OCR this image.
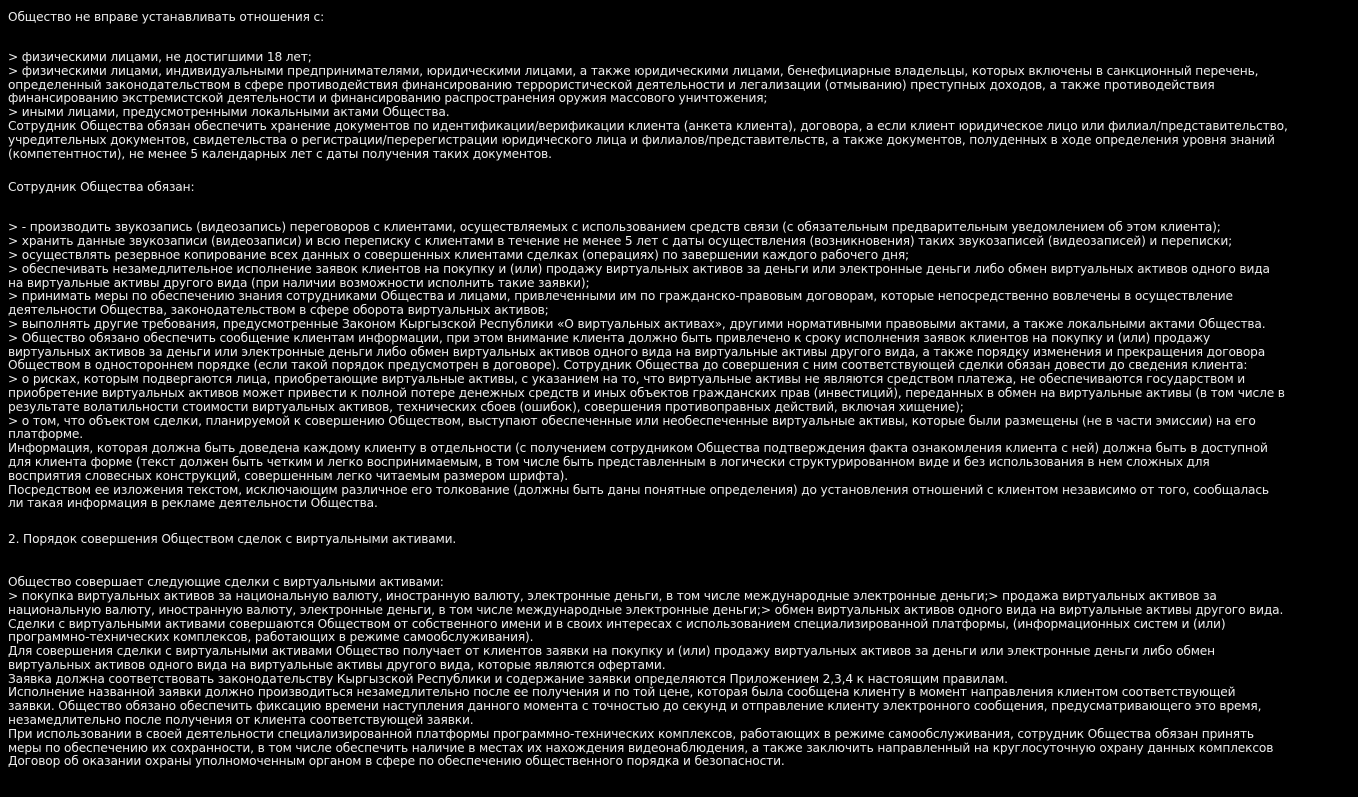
Общество не вправе устанавливать отношения с:
> физическими лицами, не достигшими 18 лет;
> физическими лицами, индивидуальными предпринимателями, юридическими лицами, а также юридическими лицами, бенефициарные владельцы, которых включены в санкционный перечень,
определенный законодательством в сфере противодействия финансированию террористической деятельности и легализации (отмыванию) преступных доходов, а также противодействия
финансированию экстремистской деятельности и финансированию распространения оружия массового уничтожения;
> иными лицами, предусмотренными локальными актами Общества.
Сотрудник Общества обязан обеспечить хранение документов по идентификации/верификации клиента (анкета клиента), договора, а если клиент юридическое лицо или филиал/представительство,
учредительных документов, свидетельства о регистрации/перерегистрации юридического лица и филиалов/представительств, а также документов, полуденных в ходе определения уровня знаний
(компетентности), не менее 5 календарных лет с даты получения таких документов.
Сотрудник Общества обязан:
> - производить звукозапись (видеозапись) переговоров с клиентами, осуществляемых с использованием средств связи (с обязательным предварительным уведомлением об этом клиента);
> хранить данные звукозаписи (видеозаписи) и всю переписку с клиентами в течение не менее 5 лет с даты осуществления (возникновения) таких звукозаписей (видеозаписей) и переписки;
> осуществлять резервное копирование всех данных о совершенных клиентами сделках (операциях) по завершении каждого рабочего дня;
> обеспечивать незамедлительное исполнение заявок клиентов на покупку и (или) продажу виртуальных активов за деньги или электронные деньги либо обмен виртуальных активов одного вида
на виртуальные активы другого вида (при наличии возможности исполнить такие заявки);
> принимать меры по обеспечению знания сотрудниками Общества и лицами, привлеченными им по гражданско-правовым договорам, которые непосредственно вовлечены в осуществление
деятельности Общества, законодательством в сфере оборота виртуальных активов;
> выполнять другие требования, предусмотренные Законом Кыргызской Республики «О виртуальных активах», другими нормативными правовыми актами, а также локальными актами Общества.
> Общество обязано обеспечить сообщение клиентам информации, при этом внимание клиента должно быть привлечено к сроку исполнения заявок клиентов на покупку и (или) продажу
виртуальных активов за деньги или электронные деньги либо обмен виртуальных активов одного вида на виртуальные активы другого вида, а также порядку изменения и прекращения договора
Обществом в одностороннем порядке (если такой порядок предусмотрен в договоре). Сотрудник Общества до совершения с ним соответствующей сделки обязан довести до сведения клиента:
> о рисках, которым подвергаются лица, приобретающие виртуальные активы, с указанием на то, что виртуальные активы не являются средством платежа, не обеспечиваются государством и
приобретение виртуальных активов может привести к полной потере денежных средств и иных объектов гражданских прав (инвестиций), переданных в обмен на виртуальные активы (в том числе в
результате волатильности стоимости виртуальных активов, технических сбоев (ошибок), совершения противоправных действий, включая хищение);
> о том, что объектом сделки, планируемой к совершению Обществом, выступают обеспеченные или необеспеченные виртуальные активы, которые были размещены (не в части эмиссии) на его
платформе.
Информация, которая должна быть доведена каждому клиенту в отдельности (с получением сотрудником Общества подтверждения факта ознакомления клиента с ней) должна быть в доступной
для клиента форме (текст должен быть четким и легко воспринимаемым, в том числе быть представленным в логически структурированном виде и без использования в нем сложных для
восприятия словесных конструкций, совершенным легко читаемым размером шрифта).
Посредством ее изложения текстом, исключающим различное его толкование (должны быть даны понятные определения) до установления отношений с клиентом независимо от того, сообщалась
ли такая информация в рекламе деятельности Общества.
2. Порядок совершения Обществом сделок с виртуальными активами.
Общество совершает следующие сделки с виртуальными активами:
> покупка виртуальных активов за национальную валюту, иностранную валюту, электронные деньги, в том числе международные электронные деньги;> продажа виртуальных активов за
национальную валюту, иностранную валюту, электронные деньги, в том числе международные электронные деньги;> обмен виртуальных активов одного вида на виртуальные активы другого вида.
Сделки с виртуальными активами совершаются Обществом от собственного имени и в своих интересах с использованием специализированной платформы, (информационных систем и (или)
программно-технических комплексов, работающих в режиме самообслуживания).
Для совершения сделки с виртуальными активами Общество получает от клиентов заявки на покупку и (или) продажу виртуальных активов за деньги или электронные деньги либо обмен
виртуальных активов одного вида на виртуальные активы другого вида, которые являются офертами.
Заявка должна соответствовать законодательству Кыргызской Республики и содержание заявки определяются Приложением 2,3,4 к настоящим правилам.
Исполнение названной заявки должно производиться незамедлительно после ее получения и по той цене, которая была сообщена клиенту в момент направления клиентом соответствующей
заявки. Общество обязано обеспечить фиксацию времени наступления данного момента с точностью до секунд и отправление клиенту электронного сообщения, предусматривающего это время,
незамедлительно после получения от клиента соответствующей заявки.
При использовании в своей деятельности специализированной платформы программно-технических комплексов, работающих в режиме самообслуживания, сотрудник Общества обязан принять
меры по обеспечению их сохранности, в том числе обеспечить наличие в местах их нахождения видеонаблюдения, а также заключить направленный на круглосуточную охрану данных комплексов
Договор об оказании охраны уполномоченным органом в сфере по обеспечению общественного порядка и безопасности.
